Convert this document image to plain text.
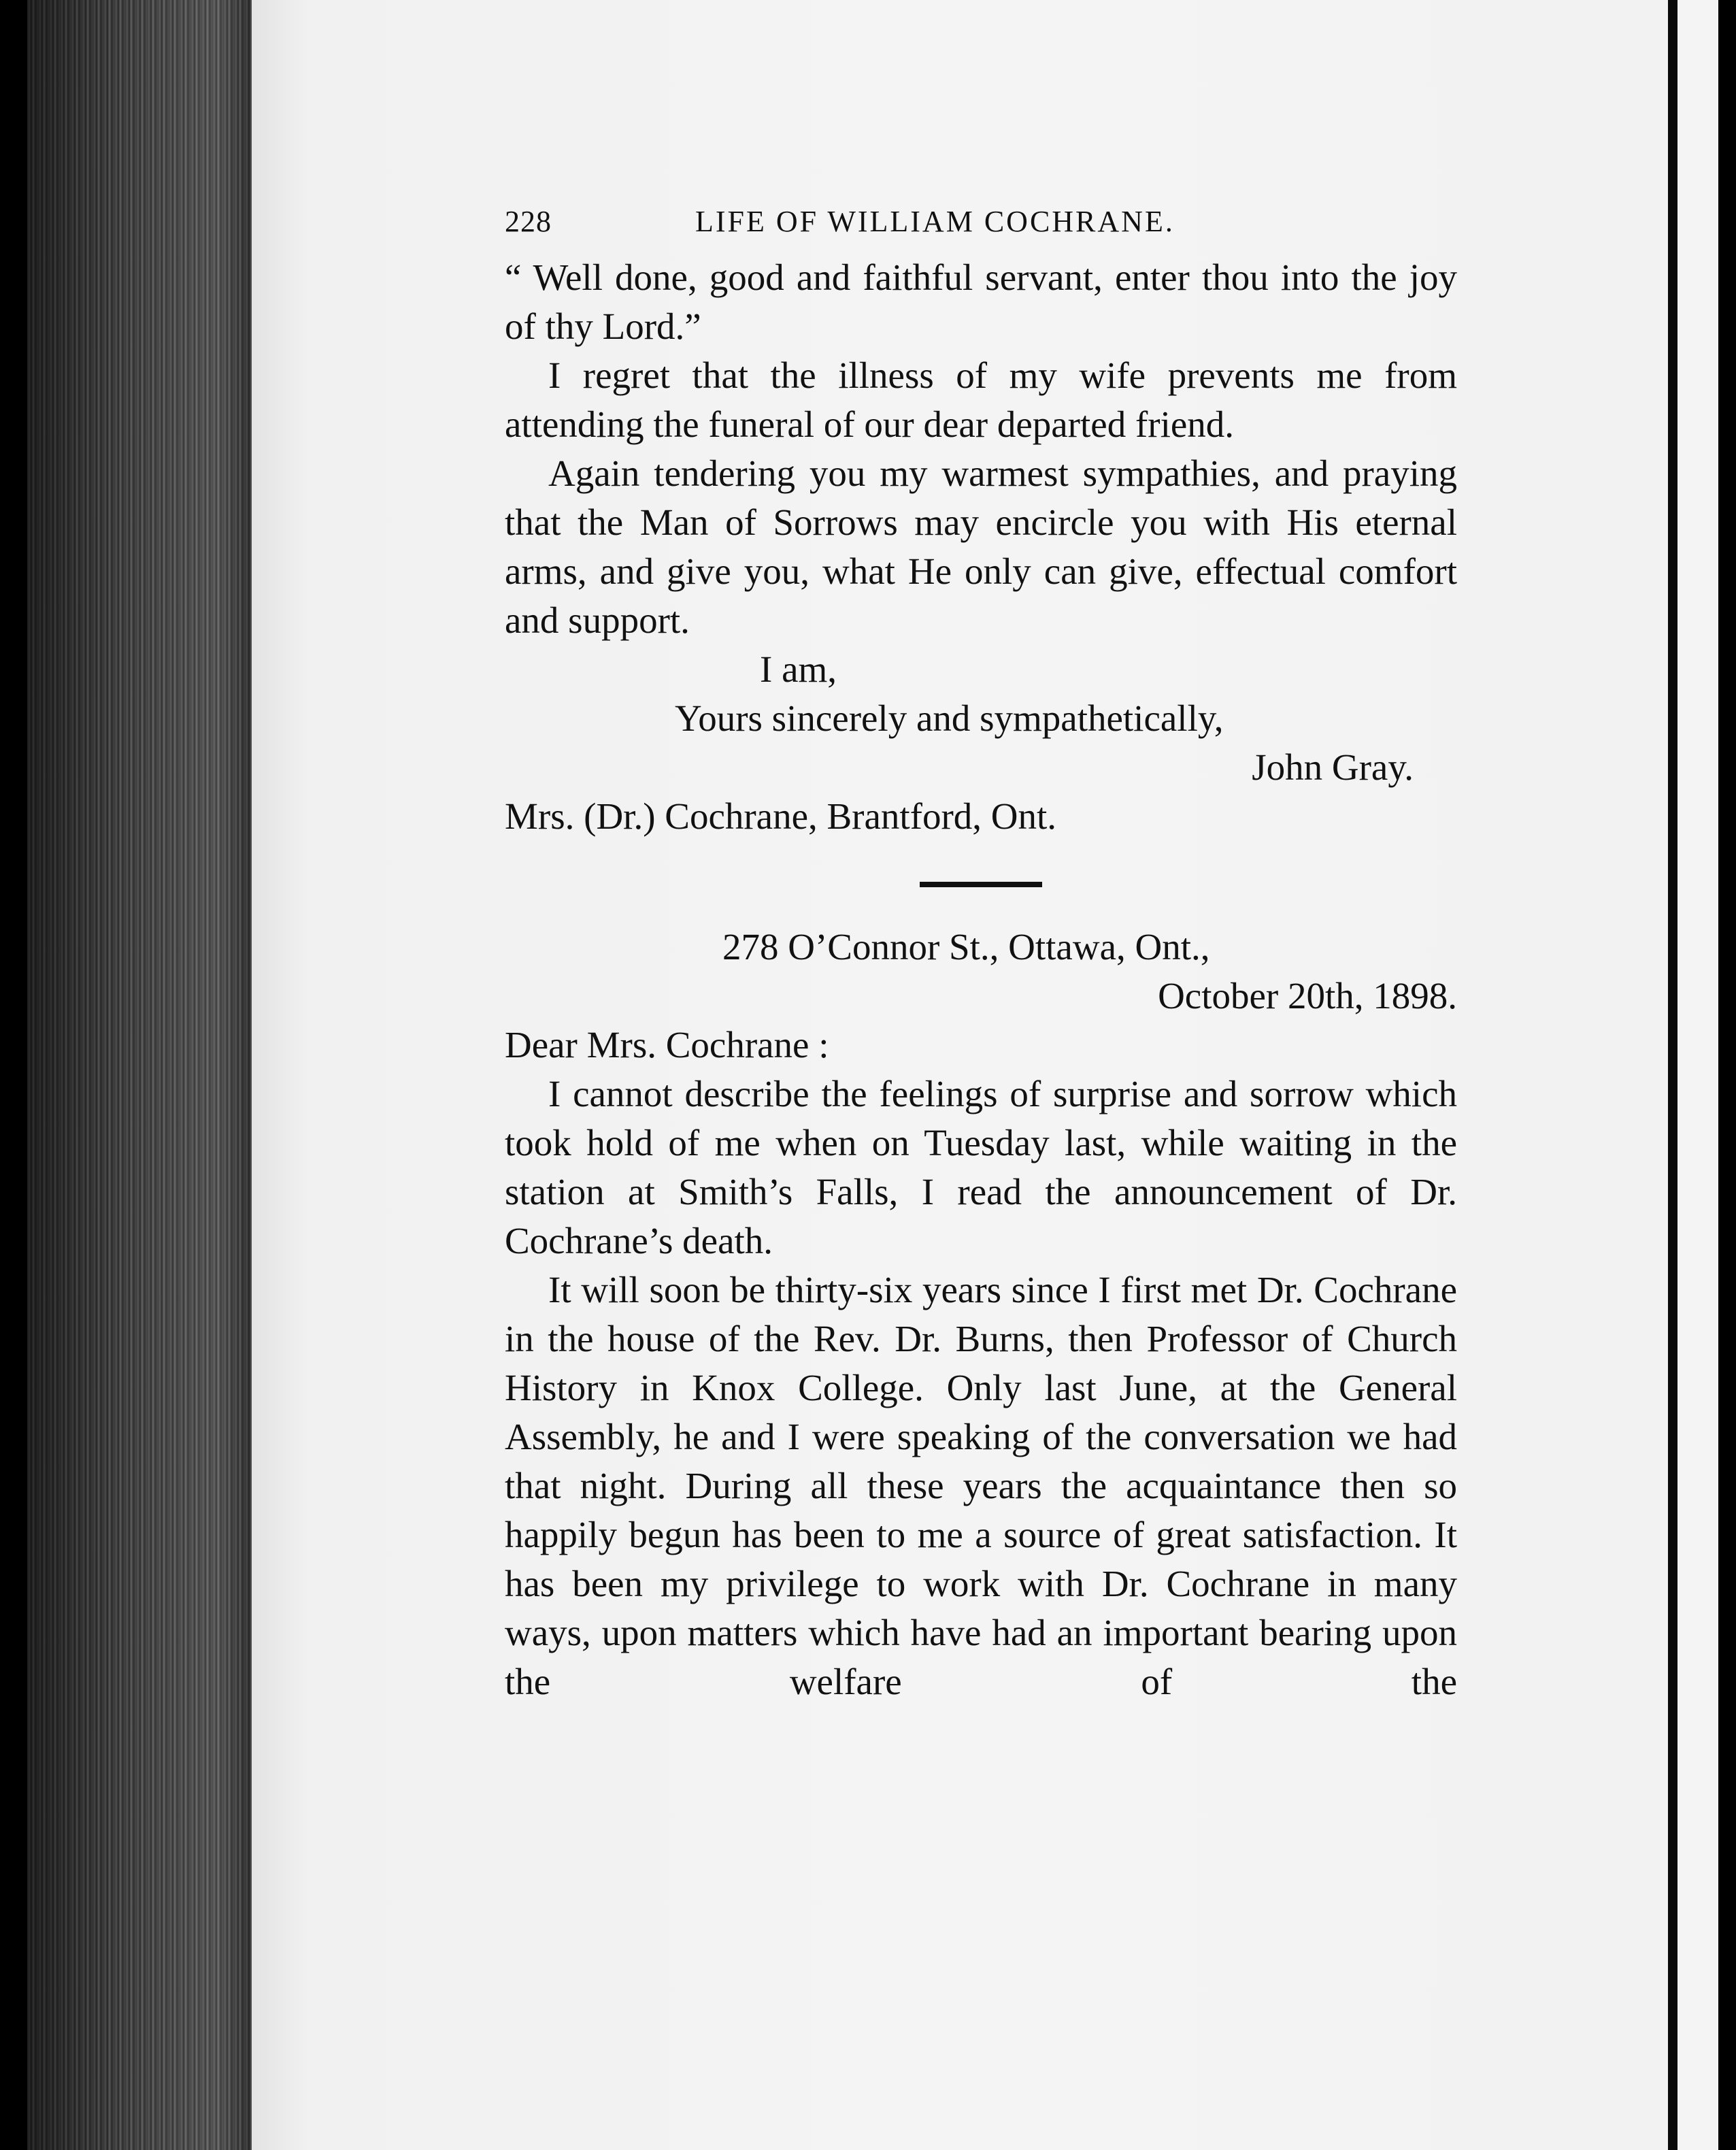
228	LIFE OF WILLIAM COCHRANE.

“ Well done, good and faithful servant, enter thou into the joy of thy Lord.”

I regret that the illness of my wife prevents me from attending the funeral of our dear departed friend.

Again tendering you my warmest sympathies, and praying that the Man of Sorrows may encircle you with His eternal arms, and give you, what He only can give, effectual comfort and support.

I am,

Yours sincerely and sympathetically,

John Gray.

Mrs. (Dr.) Cochrane, Brantford, Ont.

278 O’Connor St., Ottawa, Ont.,

October 20th, 1898.

Dear Mrs. Cochrane :

I cannot describe the feelings of surprise and sorrow which took hold of me when on Tuesday last, while waiting in the station at Smith’s Falls, I read the announcement of Dr. Cochrane’s death.

It will soon be thirty-six years since I first met Dr. Cochrane in the house of the Rev. Dr. Burns, then Professor of Church History in Knox College. Only last June, at the General Assembly, he and I were speaking of the conversation we had that night. During all these years the acquaintance then so happily begun has been to me a source of great satisfaction. It has been my privilege to work with Dr. Cochrane in many ways, upon matters which have had an important bearing upon the welfare of the
